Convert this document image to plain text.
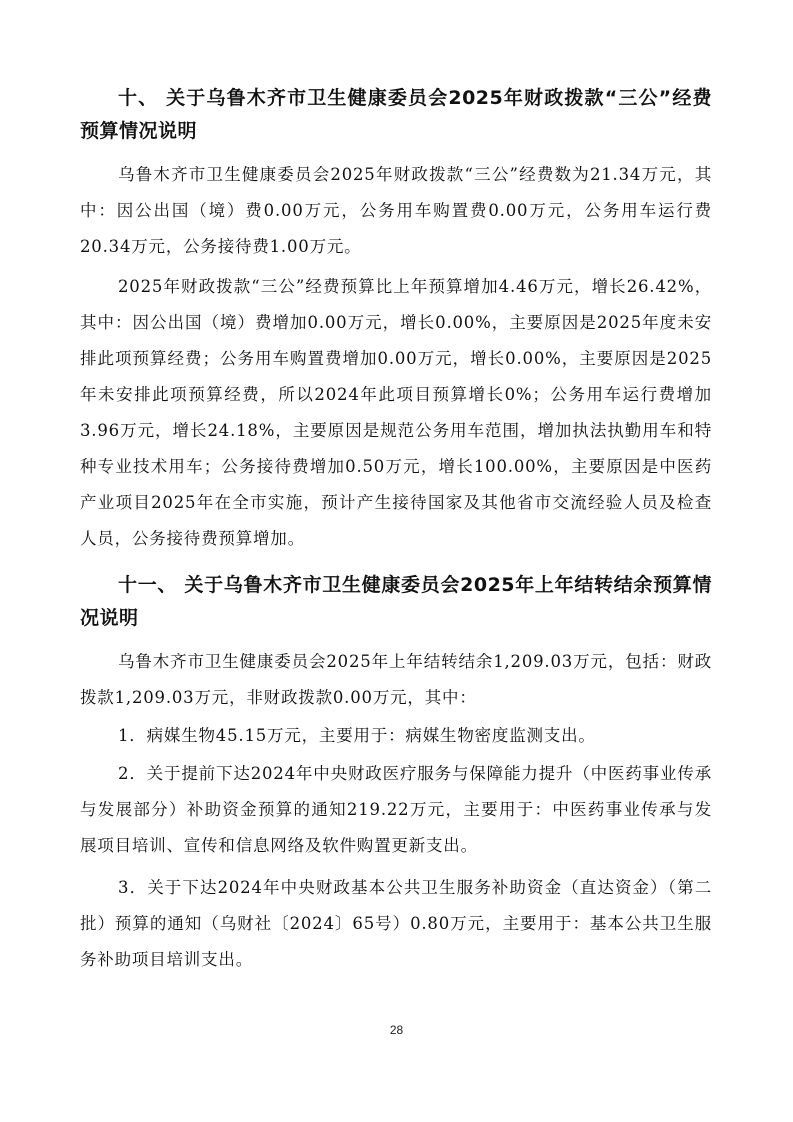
十、 关于乌鲁木齐市卫生健康委员会2025年财政拨款“三公”经费预算情况说明
乌鲁木齐市卫生健康委员会2025年财政拨款“三公”经费数为21.34万元，其中：因公出国（境）费0.00万元，公务用车购置费0.00万元，公务用车运行费20.34万元，公务接待费1.00万元。
2025年财政拨款“三公”经费预算比上年预算增加4.46万元，增长26.42%，其中：因公出国（境）费增加0.00万元，增长0.00%，主要原因是2025年度未安排此项预算经费；公务用车购置费增加0.00万元，增长0.00%，主要原因是2025年未安排此项预算经费，所以2024年此项目预算增长0%；公务用车运行费增加3.96万元，增长24.18%，主要原因是规范公务用车范围，增加执法执勤用车和特种专业技术用车；公务接待费增加0.50万元，增长100.00%，主要原因是中医药产业项目2025年在全市实施，预计产生接待国家及其他省市交流经验人员及检查人员，公务接待费预算增加。
十一、 关于乌鲁木齐市卫生健康委员会2025年上年结转结余预算情况说明
乌鲁木齐市卫生健康委员会2025年上年结转结余1,209.03万元，包括：财政拨款1,209.03万元，非财政拨款0.00万元，其中：
1．病媒生物45.15万元，主要用于：病媒生物密度监测支出。
2．关于提前下达2024年中央财政医疗服务与保障能力提升（中医药事业传承与发展部分）补助资金预算的通知219.22万元，主要用于：中医药事业传承与发展项目培训、宣传和信息网络及软件购置更新支出。
3．关于下达2024年中央财政基本公共卫生服务补助资金（直达资金）（第二批）预算的通知（乌财社〔2024〕65号）0.80万元，主要用于：基本公共卫生服务补助项目培训支出。
28
